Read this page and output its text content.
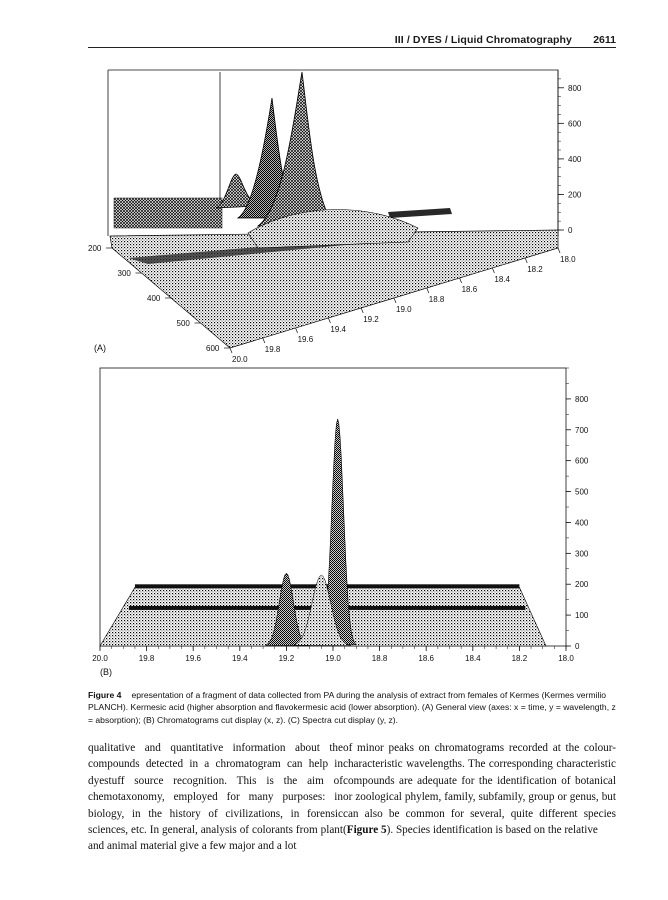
III / DYES / Liquid Chromatography 2611
0
200
400
600
800
20.0
19.8
19.6
19.4
19.2
19.0
18.8
18.6
18.4
18.2
18.0
200
300
400
500
600
(A)
0
100
200
300
400
500
600
700
800
20.0	19.8	19.6	19.4	19.2	19.0	18.8	18.6	18.4	18.2	18.0
(B)
Figure 4 epresentation of a fragment of data collected from PA during the analysis of extract from females of Kermes (Kermes vermilio PLANCH). Kermesic acid (higher absorption and flavokermesic acid (lower absorption). (A) General view (axes: x = time, y = wavelength, z = absorption); (B) Chromatograms cut display (x, z). (C) Spectra cut display (y, z).

qualitative and quantitative information about the compounds detected in a chromatogram can help in dyestuff source recognition. This is the aim of chemotaxonomy, employed for many purposes: in biology, in the history of civilizations, in forensic sciences, etc. In general, analysis of colorants from plant and animal material give a few major and a lot

of minor peaks on chromatograms recorded at the colour-characteristic wavelengths. The corresponding characteristic compounds are adequate for the identification of botanical or zoological phylem, family, subfamily, group or genus, but can also be common for several, quite different species (Figure 5). Species identification is based on the relative
